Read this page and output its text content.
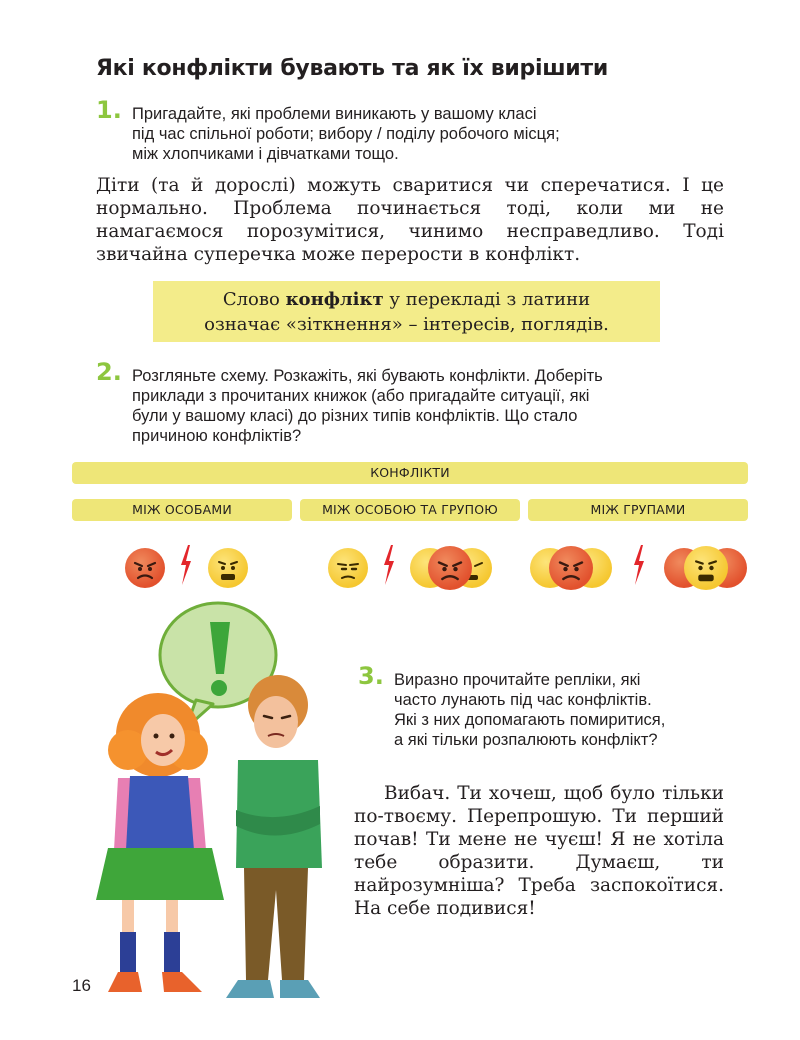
Які конфлікти бувають та як їх вирішити
1. Пригадайте, які проблеми виникають у вашому класі
під час спільної роботи; вибору / поділу робочого місця;
між хлопчиками і дівчатками тощо.

Діти (та й дорослі) можуть сваритися чи сперечатися. І це нормально. Проблема починається тоді, коли ми не намагаємося порозумітися, чинимо несправедливо. Тоді звичайна суперечка може перерости в конфлікт.

Слово конфлікт у перекладі з латини
означає «зіткнення» – інтересів, поглядів.
2. Розгляньте схему. Розкажіть, які бувають конфлікти. Доберіть
приклади з прочитаних книжок (або пригадайте ситуації, які
були у вашому класі) до різних типів конфліктів. Що стало
причиною конфліктів?
КОНФЛІКТИ
МІЖ ОСОБАМИ	МІЖ ОСОБОЮ ТА ГРУПОЮ	МІЖ ГРУПАМИ
3. Виразно прочитайте репліки, які
часто лунають під час конфліктів.
Які з них допомагають помиритися,
а які тільки розпалюють конфлікт?

Вибач. Ти хочеш, щоб було тільки по-твоєму. Перепрошую. Ти перший почав! Ти мене не чуєш! Я не хотіла тебе образити. Думаєш, ти найрозумніша? Треба заспокоїтися. На себе подивися!

16
